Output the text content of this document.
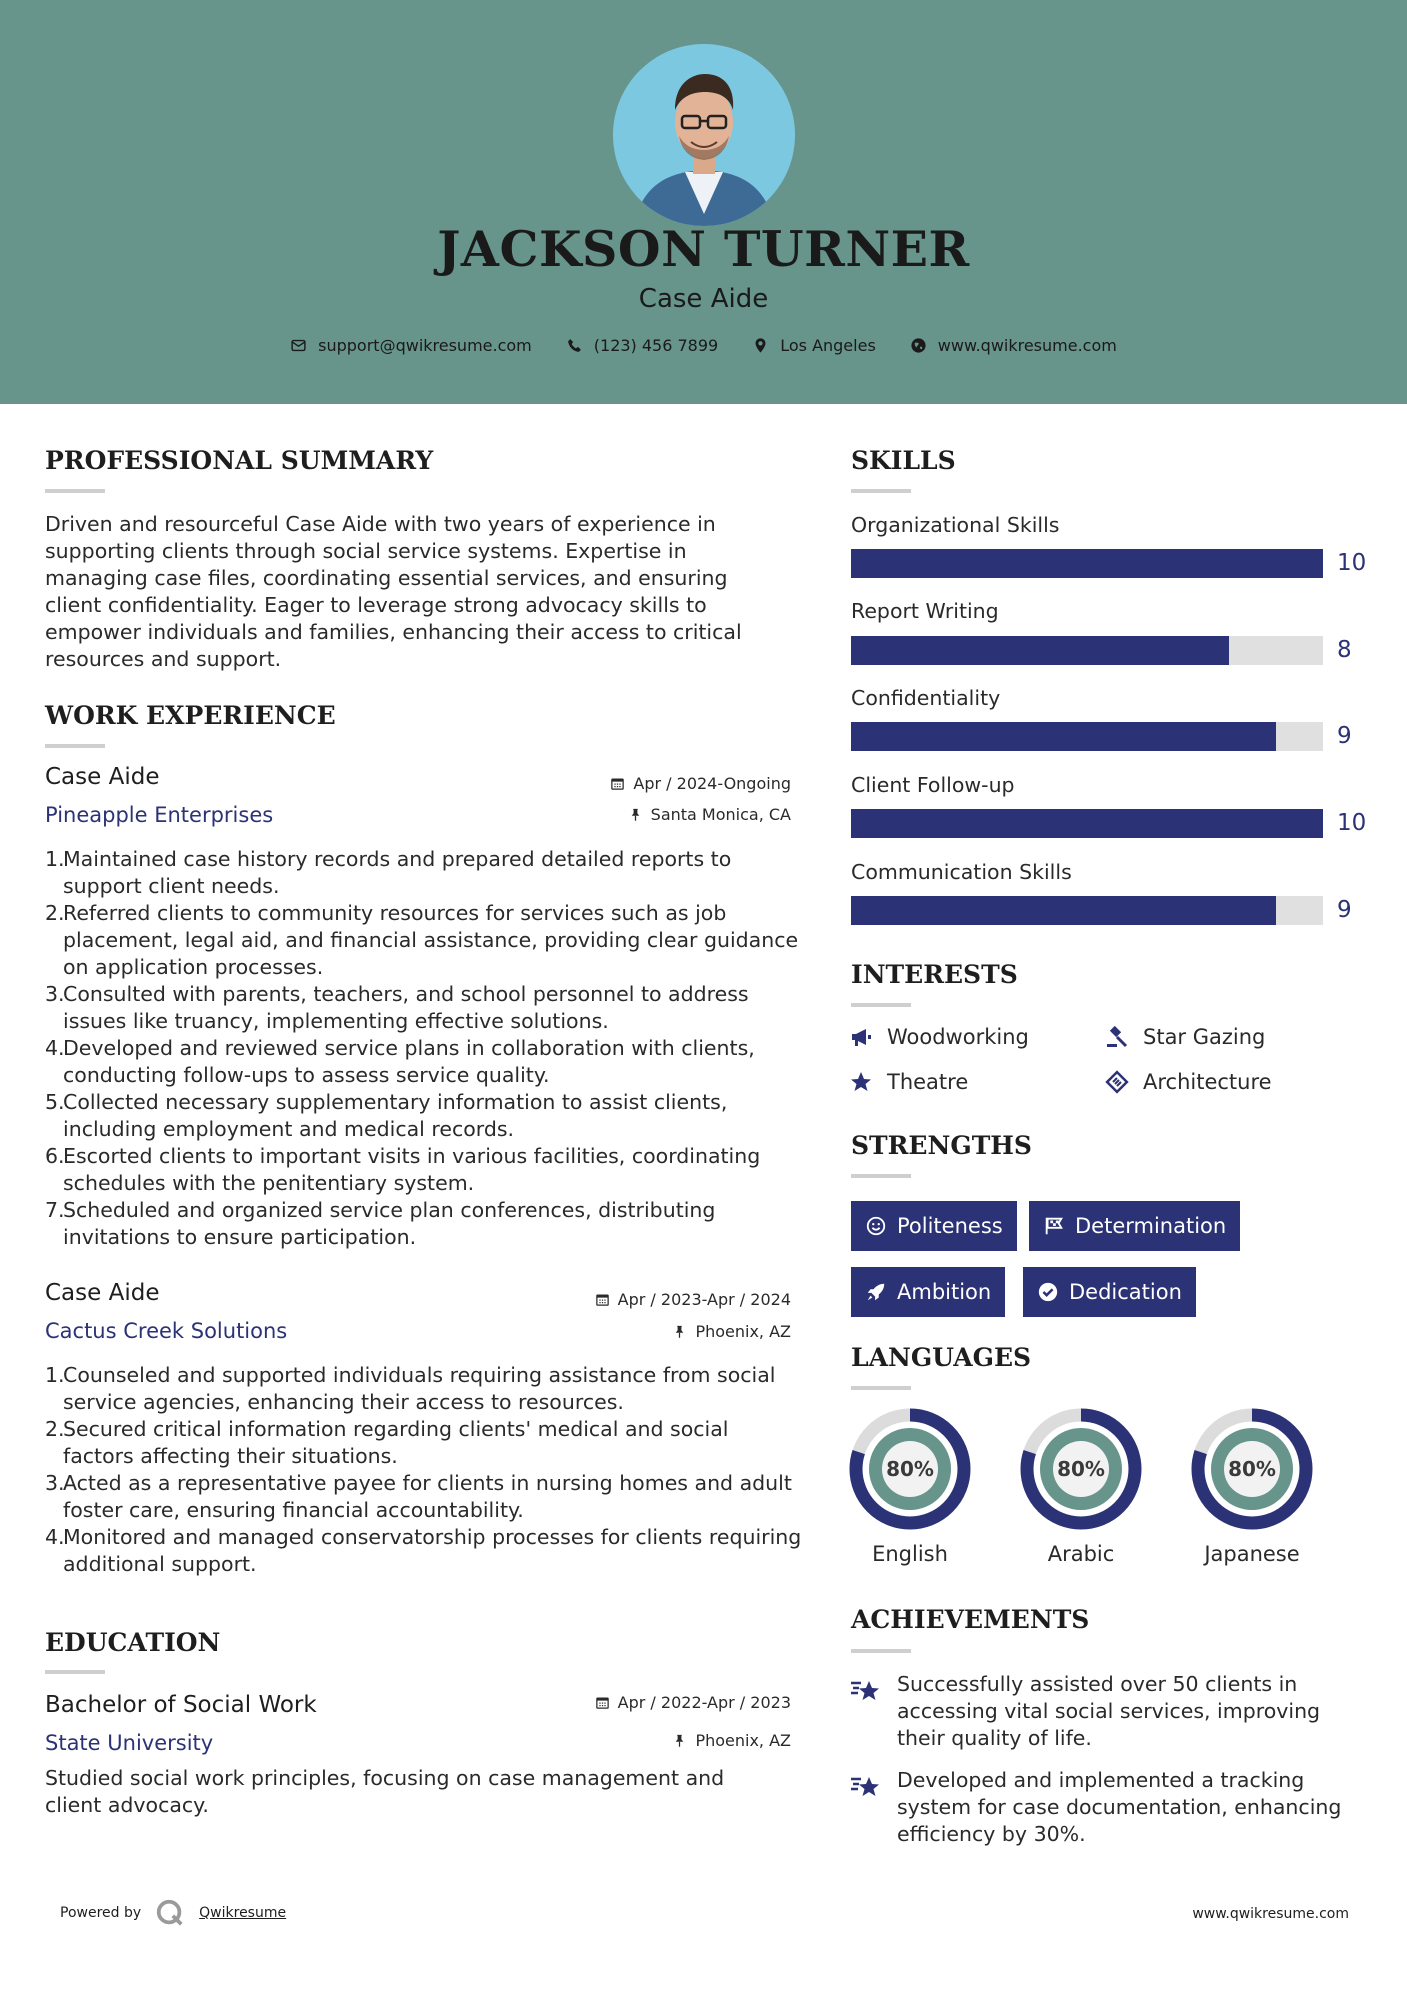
JACKSON TURNER
Case Aide
support@qwikresume.com	(123) 456 7899	Los Angeles	www.qwikresume.com
PROFESSIONAL SUMMARY
Driven and resourceful Case Aide with two years of experience in supporting clients through social service systems. Expertise in managing case files, coordinating essential services, and ensuring client confidentiality. Eager to leverage strong advocacy skills to empower individuals and families, enhancing their access to critical resources and support.
WORK EXPERIENCE
Case Aide
Pineapple Enterprises
Apr / 2024-Ongoing
Santa Monica, CA
Maintained case history records and prepared detailed reports to support client needs.
Referred clients to community resources for services such as job placement, legal aid, and financial assistance, providing clear guidance on application processes.
Consulted with parents, teachers, and school personnel to address issues like truancy, implementing effective solutions.
Developed and reviewed service plans in collaboration with clients, conducting follow-ups to assess service quality.
Collected necessary supplementary information to assist clients, including employment and medical records.
Escorted clients to important visits in various facilities, coordinating schedules with the penitentiary system.
Scheduled and organized service plan conferences, distributing invitations to ensure participation.
Case Aide
Cactus Creek Solutions
Apr / 2023-Apr / 2024
Phoenix, AZ
Counseled and supported individuals requiring assistance from social service agencies, enhancing their access to resources.
Secured critical information regarding clients' medical and social factors affecting their situations.
Acted as a representative payee for clients in nursing homes and adult foster care, ensuring financial accountability.
Monitored and managed conservatorship processes for clients requiring additional support.
EDUCATION
Bachelor of Social Work
State University
Apr / 2022-Apr / 2023
Phoenix, AZ
Studied social work principles, focusing on case management and client advocacy.
SKILLS
Organizational Skills
10
Report Writing
8
Confidentiality
9
Client Follow-up
10
Communication Skills
9
INTERESTS
Woodworking	Star Gazing
Theatre	Architecture
STRENGTHS
Politeness	Determination
Ambition	Dedication
LANGUAGES
80%
English
80%
Arabic
80%
Japanese
ACHIEVEMENTS
Successfully assisted over 50 clients in accessing vital social services, improving their quality of life.
Developed and implemented a tracking system for case documentation, enhancing efficiency by 30%.
Powered by	Qwikresume	www.qwikresume.com
